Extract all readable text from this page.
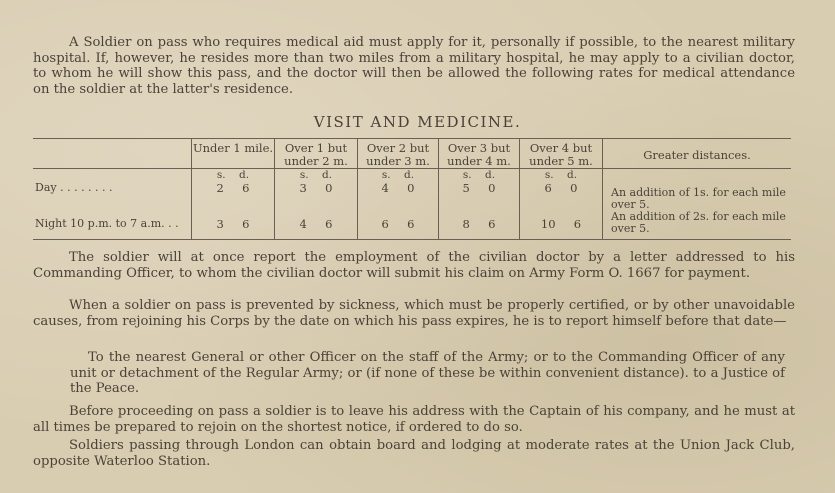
A Soldier on pass who requires medical aid must apply for it, personally if possible, to the nearest military hospital. If, however, he resides more than two miles from a military hospital, he may apply to a civilian doctor, to whom he will show this pass, and the doctor will then be allowed the following rates for medical attendance on the soldier at the latter's residence.

VISIT AND MEDICINE.
	Under 1 mile.	Over 1 but under 2 m.	Over 2 but under 3 m.	Over 3 but under 4 m.	Over 4 but under 5 m.	Greater distances.
	s. d.	s. d.	s. d.	s. d.	s. d.	
Day . . . . . . . .	2 6	3 0	4 0	5 0	6 0	An addition of 1s. for each mile over 5.
Night 10 p.m. to 7 a.m. . .	3 6	4 6	6 6	8 6	10 6	An addition of 2s. for each mile over 5.

The soldier will at once report the employment of the civilian doctor by a letter addressed to his Commanding Officer, to whom the civilian doctor will submit his claim on Army Form O. 1667 for payment.

When a soldier on pass is prevented by sickness, which must be properly certified, or by other unavoidable causes, from rejoining his Corps by the date on which his pass expires, he is to report himself before that date—

To the nearest General or other Officer on the staff of the Army; or to the Commanding Officer of any unit or detachment of the Regular Army; or (if none of these be within convenient distance). to a Justice of the Peace.

Before proceeding on pass a soldier is to leave his address with the Captain of his company, and he must at all times be prepared to rejoin on the shortest notice, if ordered to do so.

Soldiers passing through London can obtain board and lodging at moderate rates at the Union Jack Club, opposite Waterloo Station.
